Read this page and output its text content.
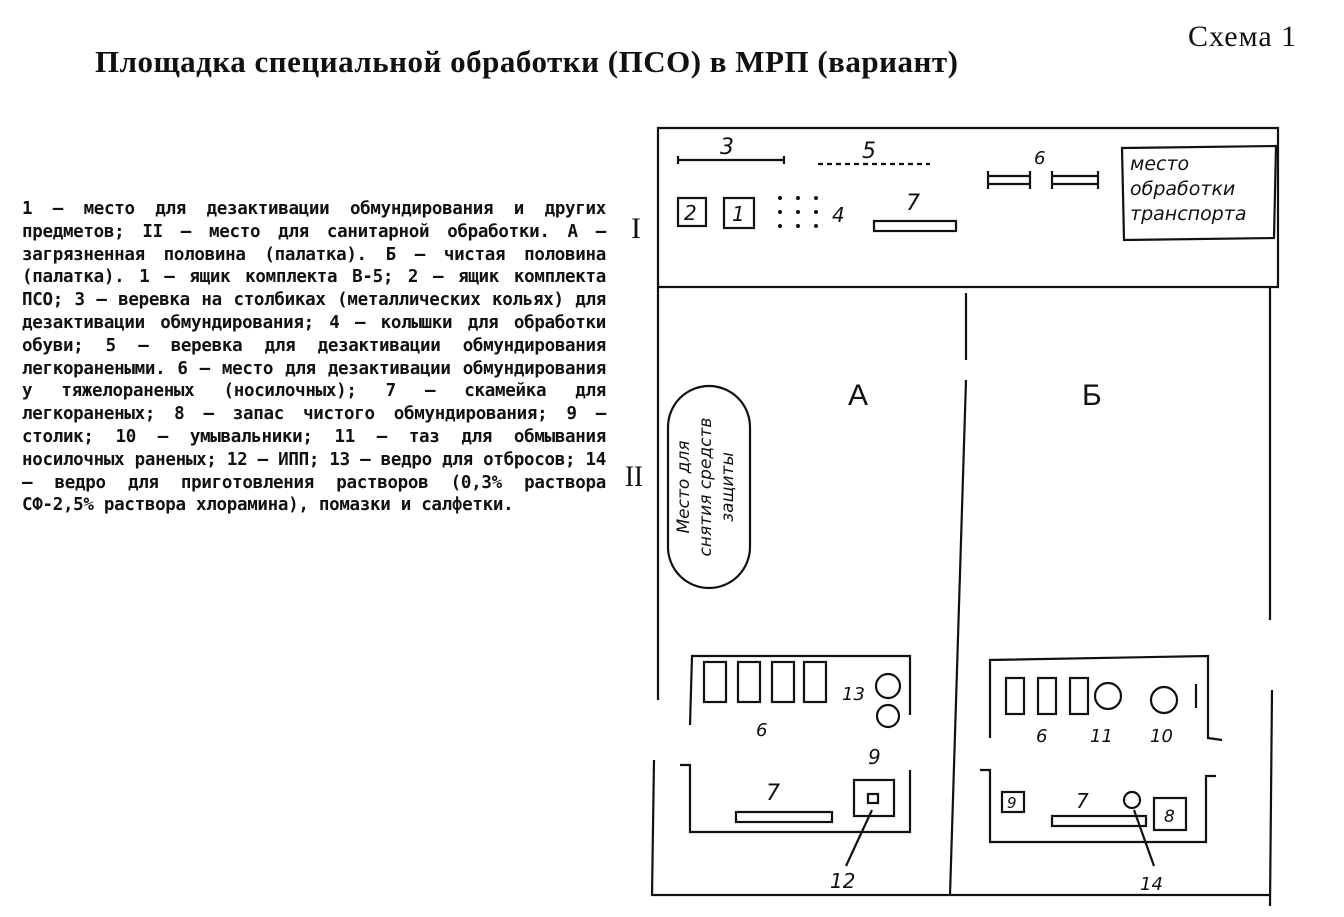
Схема 1
Площадка специальной обработки (ПСО) в МРП (вариант)
1 — место для дезактивации обмундирования и других предметов; II — место для санитарной обработки. А — загрязненная половина (палатка). Б — чистая половина (палатка). 1 — ящик комплекта В-5; 2 — ящик комплекта ПСО; 3 — веревка на столбиках (металлических кольях) для дезактивации обмундирования; 4 — колышки для обработки обуви; 5 — веревка для дезактивации обмундирования легкоранеными. 6 — место для дезактивации обмундирования у тяжелораненых (носилочных); 7 — скамейка для легкораненых; 8 — запас чистого обмундирования; 9 — столик; 10 — умывальники; 11 — таз для обмывания носилочных раненых; 12 — ИПП; 13 — ведро для отбросов; 14 — ведро для приготовления растворов (0,3% раствора СФ-2,5% раствора хлорамина), помазки и салфетки.
I
II
3	5	6
7
4
2 1
место
обработки
транспорта
А	Б
Место для снятия средств защиты
6
13
9
7
12
6 11 10
9	7
8
14
